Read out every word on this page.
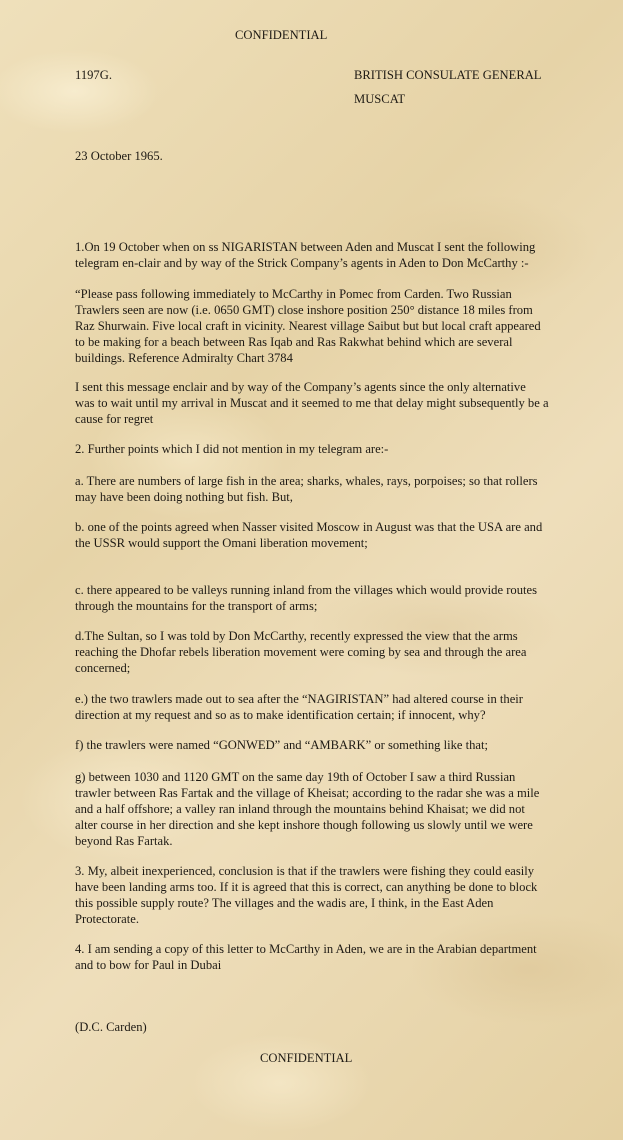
CONFIDENTIAL
1197G.	BRITISH CONSULATE GENERAL
MUSCAT
23 October 1965.
1.On 19 October when on ss NIGARISTAN between Aden and Muscat I sent the following
telegram en-clair and by way of the Strick Company’s agents in Aden to Don McCarthy :-
“Please pass following immediately to McCarthy in Pomec from Carden. Two Russian
Trawlers seen are now (i.e. 0650 GMT) close inshore position 250° distance 18 miles from
Raz Shurwain. Five local craft in vicinity. Nearest village Saibut but but local craft appeared
to be making for a beach between Ras Iqab and Ras Rakwhat behind which are several
buildings. Reference Admiralty Chart 3784
I sent this message enclair and by way of the Company’s agents since the only alternative
was to wait until my arrival in Muscat and it seemed to me that delay might subsequently be a
cause for regret
2. Further points which I did not mention in my telegram are:-
a. There are numbers of large fish in the area; sharks, whales, rays, porpoises; so that rollers
may have been doing nothing but fish. But,
b. one of the points agreed when Nasser visited Moscow in August was that the USA are and
the USSR would support the Omani liberation movement;
c. there appeared to be valleys running inland from the villages which would provide routes
through the mountains for the transport of arms;
d.The Sultan, so I was told by Don McCarthy, recently expressed the view that the arms
reaching the Dhofar rebels liberation movement were coming by sea and through the area
concerned;
e.) the two trawlers made out to sea after the “NAGIRISTAN” had altered course in their
direction at my request and so as to make identification certain; if innocent, why?
f) the trawlers were named “GONWED” and “AMBARK” or something like that;
g) between 1030 and 1120 GMT on the same day 19th of October I saw a third Russian
trawler between Ras Fartak and the village of Kheisat; according to the radar she was a mile
and a half offshore; a valley ran inland through the mountains behind Khaisat; we did not
alter course in her direction and she kept inshore though following us slowly until we were
beyond Ras Fartak.
3. My, albeit inexperienced, conclusion is that if the trawlers were fishing they could easily
have been landing arms too. If it is agreed that this is correct, can anything be done to block
this possible supply route? The villages and the wadis are, I think, in the East Aden
Protectorate.
4. I am sending a copy of this letter to McCarthy in Aden, we are in the Arabian department
and to bow for Paul in Dubai
(D.C. Carden)
CONFIDENTIAL
